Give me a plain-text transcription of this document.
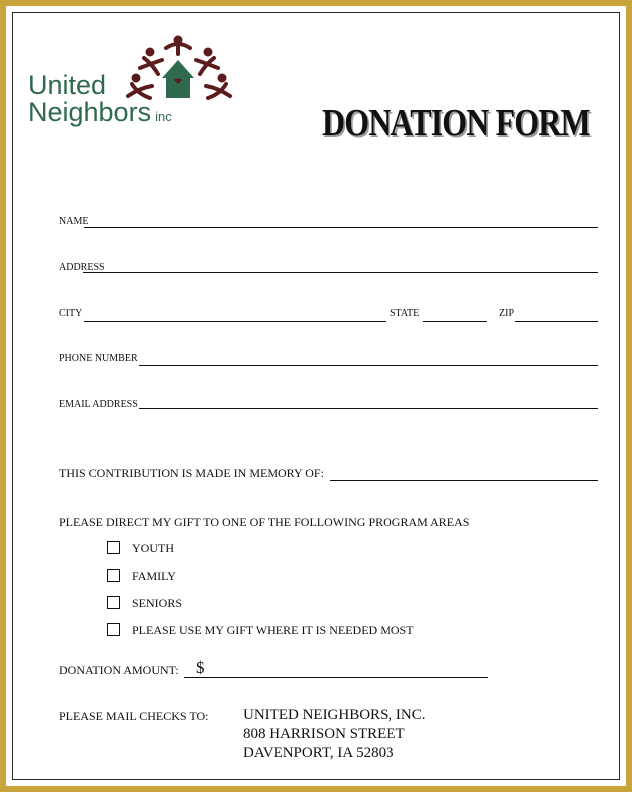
United
Neighbors inc	DONATION FORM
NAME
ADDRESS
CITY	STATE	ZIP
PHONE NUMBER
EMAIL ADDRESS
THIS CONTRIBUTION IS MADE IN MEMORY OF:
PLEASE DIRECT MY GIFT TO ONE OF THE FOLLOWING PROGRAM AREAS
YOUTH
FAMILY
SENIORS
PLEASE USE MY GIFT WHERE IT IS NEEDED MOST
DONATION AMOUNT: $
PLEASE MAIL CHECKS TO: UNITED NEIGHBORS, INC.
808 HARRISON STREET
DAVENPORT, IA 52803
